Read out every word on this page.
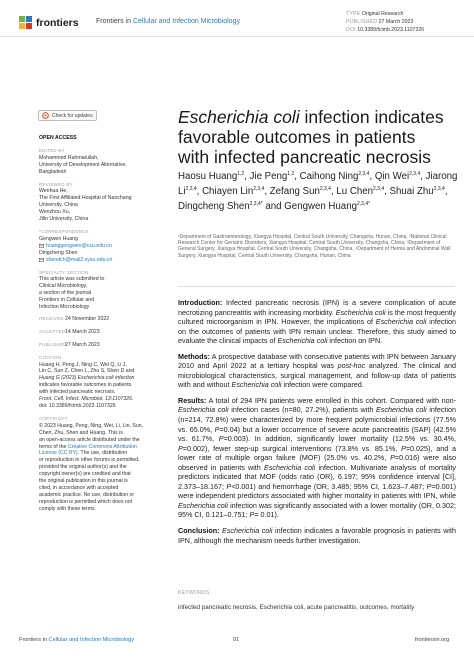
frontiers Frontiers in Cellular and Infection Microbiology
TYPE Original Research
PUBLISHED 27 March 2023
DOI 10.3389/fcimb.2023.1107326
Check for updates
OPEN ACCESS
EDITED BY
Mohammed Rahmatullah,
University of Development Alternative,
Bangladesh
REVIEWED BY
Wenhua He,
The First Affiliated Hospital of Nanchang
University, China
Wenzhou Xu,
Jilin University, China
*CORRESPONDENCE
Gengwen Huang
huanggengwen@csu.edu.cn
Dingcheng Shen
shendch@mail2.sysu.edu.cn
SPECIALTY SECTION
This article was submitted to
Clinical Microbiology,
a section of the journal
Frontiers in Cellular and
Infection Microbiology
RECEIVED24 November 2022
ACCEPTED14 March 2023
PUBLISHED27 March 2023
CITATION
Huang H, Peng J, Ning C, Wei Q, Li J,
Lin C, Sun Z, Chen L, Zhu S, Shen D and
Huang G (2023) Escherichia coli infection
indicates favorable outcomes in patients
with infected pancreatic necrosis.
Front. Cell. Infect. Microbiol. 13:1107326.
doi: 10.3389/fcimb.2023.1107326
COPYRIGHT
© 2023 Huang, Peng, Ning, Wei, Li, Lin, Sun,
Chen, Zhu, Shen and Huang. This is
an open-access article distributed under the
terms of the Creative Commons Attribution
License (CC BY). The use, distribution
or reproduction in other forums is permitted,
provided the original author(s) and the
copyright owner(s) are credited and that
the original publication in this journal is
cited, in accordance with accepted
academic practice. No use, distribution or
reproduction is permitted which does not
comply with these terms.
Escherichia coli infection indicates favorable outcomes in patients with infected pancreatic necrosis
Haosu Huang$^{1,2}$, Jie Peng$^{1,2}$, Caihong Ning$^{2,3,4}$, Qin Wei$^{2,3,4}$, Jiarong Li$^{2,3,4}$, Chiayen Lin$^{2,3,4}$, Zefang Sun$^{2,3,4}$, Lu Chen$^{2,3,4}$, Shuai Zhu$^{2,3,4}$, Dingcheng Shen$^{2,3,4*}$ and Gengwen Huang$^{2,3,4*}$
¹Department of Gastroenterology, Xiangya Hospital, Central South University, Changsha, Hunan, China, ²National Clinical Research Center for Geriatric Disorders, Xiangya Hospital, Central South University, Changsha, China, ³Department of General Surgery, Xiangya Hospital, Central South University, Changsha, China, ⁴Department of Hernia and Abdominal Wall Surgery, Xiangya Hospital, Central South University, Changsha, Hunan, China

Introduction: Infected pancreatic necrosis (IPN) is a severe complication of acute necrotizing pancreatitis with increasing morbidity. Escherichia coli is the most frequently cultured microorganism in IPN. However, the implications of Escherichia coli infection on the outcomes of patients with IPN remain unclear. Therefore, this study aimed to evaluate the clinical impacts of Escherichia coli infection on IPN.

Methods: A prospective database with consecutive patients with IPN between January 2010 and April 2022 at a tertiary hospital was post-hoc analyzed. The clinical and microbiological characteristics, surgical management, and follow-up data of patients with and without Escherichia coli infection were compared.

Results: A total of 294 IPN patients were enrolled in this cohort. Compared with non-Escherichia coli infection cases (n=80, 27.2%), patients with Escherichia coli infection (n=214, 72.8%) were characterized by more frequent polymicrobial infections (77.5% vs. 65.0%, P=0.04) but a lower occurrence of severe acute pancreatitis (SAP) (42.5% vs. 61.7%, P=0.003). In addition, significantly lower mortality (12.5% vs. 30.4%, P=0.002), fewer step-up surgical interventions (73.8% vs. 85.1%, P=0.025), and a lower rate of multiple organ failure (MOF) (25.0% vs. 40.2%, P=0.016) were also observed in patients with Escherichia coli infection. Multivariate analysis of mortality predictors indicated that MOF (odds ratio (OR), 6.197; 95% confidence interval [CI], 2.373–18.167; P<0.001) and hemorrhage (OR, 3.485; 95% CI, 1.623–7.487; P=0.001) were independent predictors associated with higher mortality in patients with IPN, while Escherichia coli infection was significantly associated with a lower mortality (OR, 0.302; 95% CI, 0.121–0.751; P= 0.01).

Conclusion: Escherichia coli infection indicates a favorable prognosis in patients with IPN, although the mechanism needs further investigation.

KEYWORDS
infected pancreatic necrosis, Escherichia coli, acute pancreatitis, outcomes, mortality
Frontiers in Cellular and Infection Microbiology	01	frontiersin.org
